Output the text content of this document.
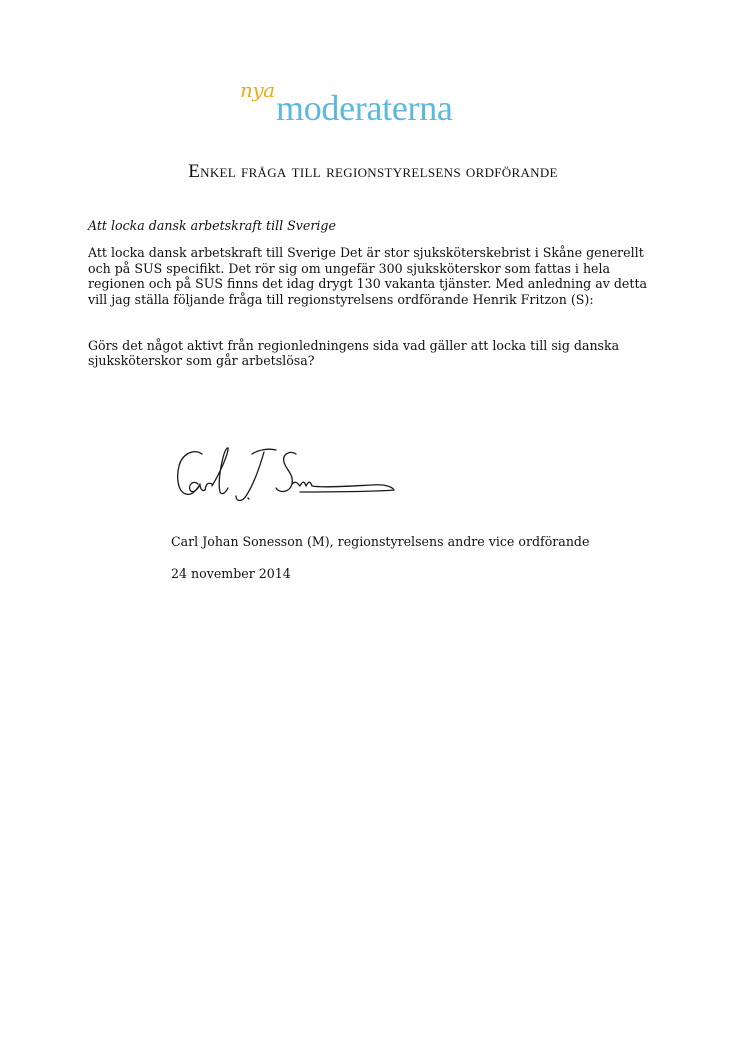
nya moderaterna
Enkel fråga till regionstyrelsens ordförande

Att locka dansk arbetskraft till Sverige

Att locka dansk arbetskraft till Sverige Det är stor sjuksköterskebrist i Skåne generellt och på SUS specifikt. Det rör sig om ungefär 300 sjuksköterskor som fattas i hela regionen och på SUS finns det idag drygt 130 vakanta tjänster. Med anledning av detta vill jag ställa följande fråga till regionstyrelsens ordförande Henrik Fritzon (S):

Görs det något aktivt från regionledningens sida vad gäller att locka till sig danska sjuksköterskor som går arbetslösa?

Carl Johan Sonesson (M), regionstyrelsens andre vice ordförande

24 november 2014
